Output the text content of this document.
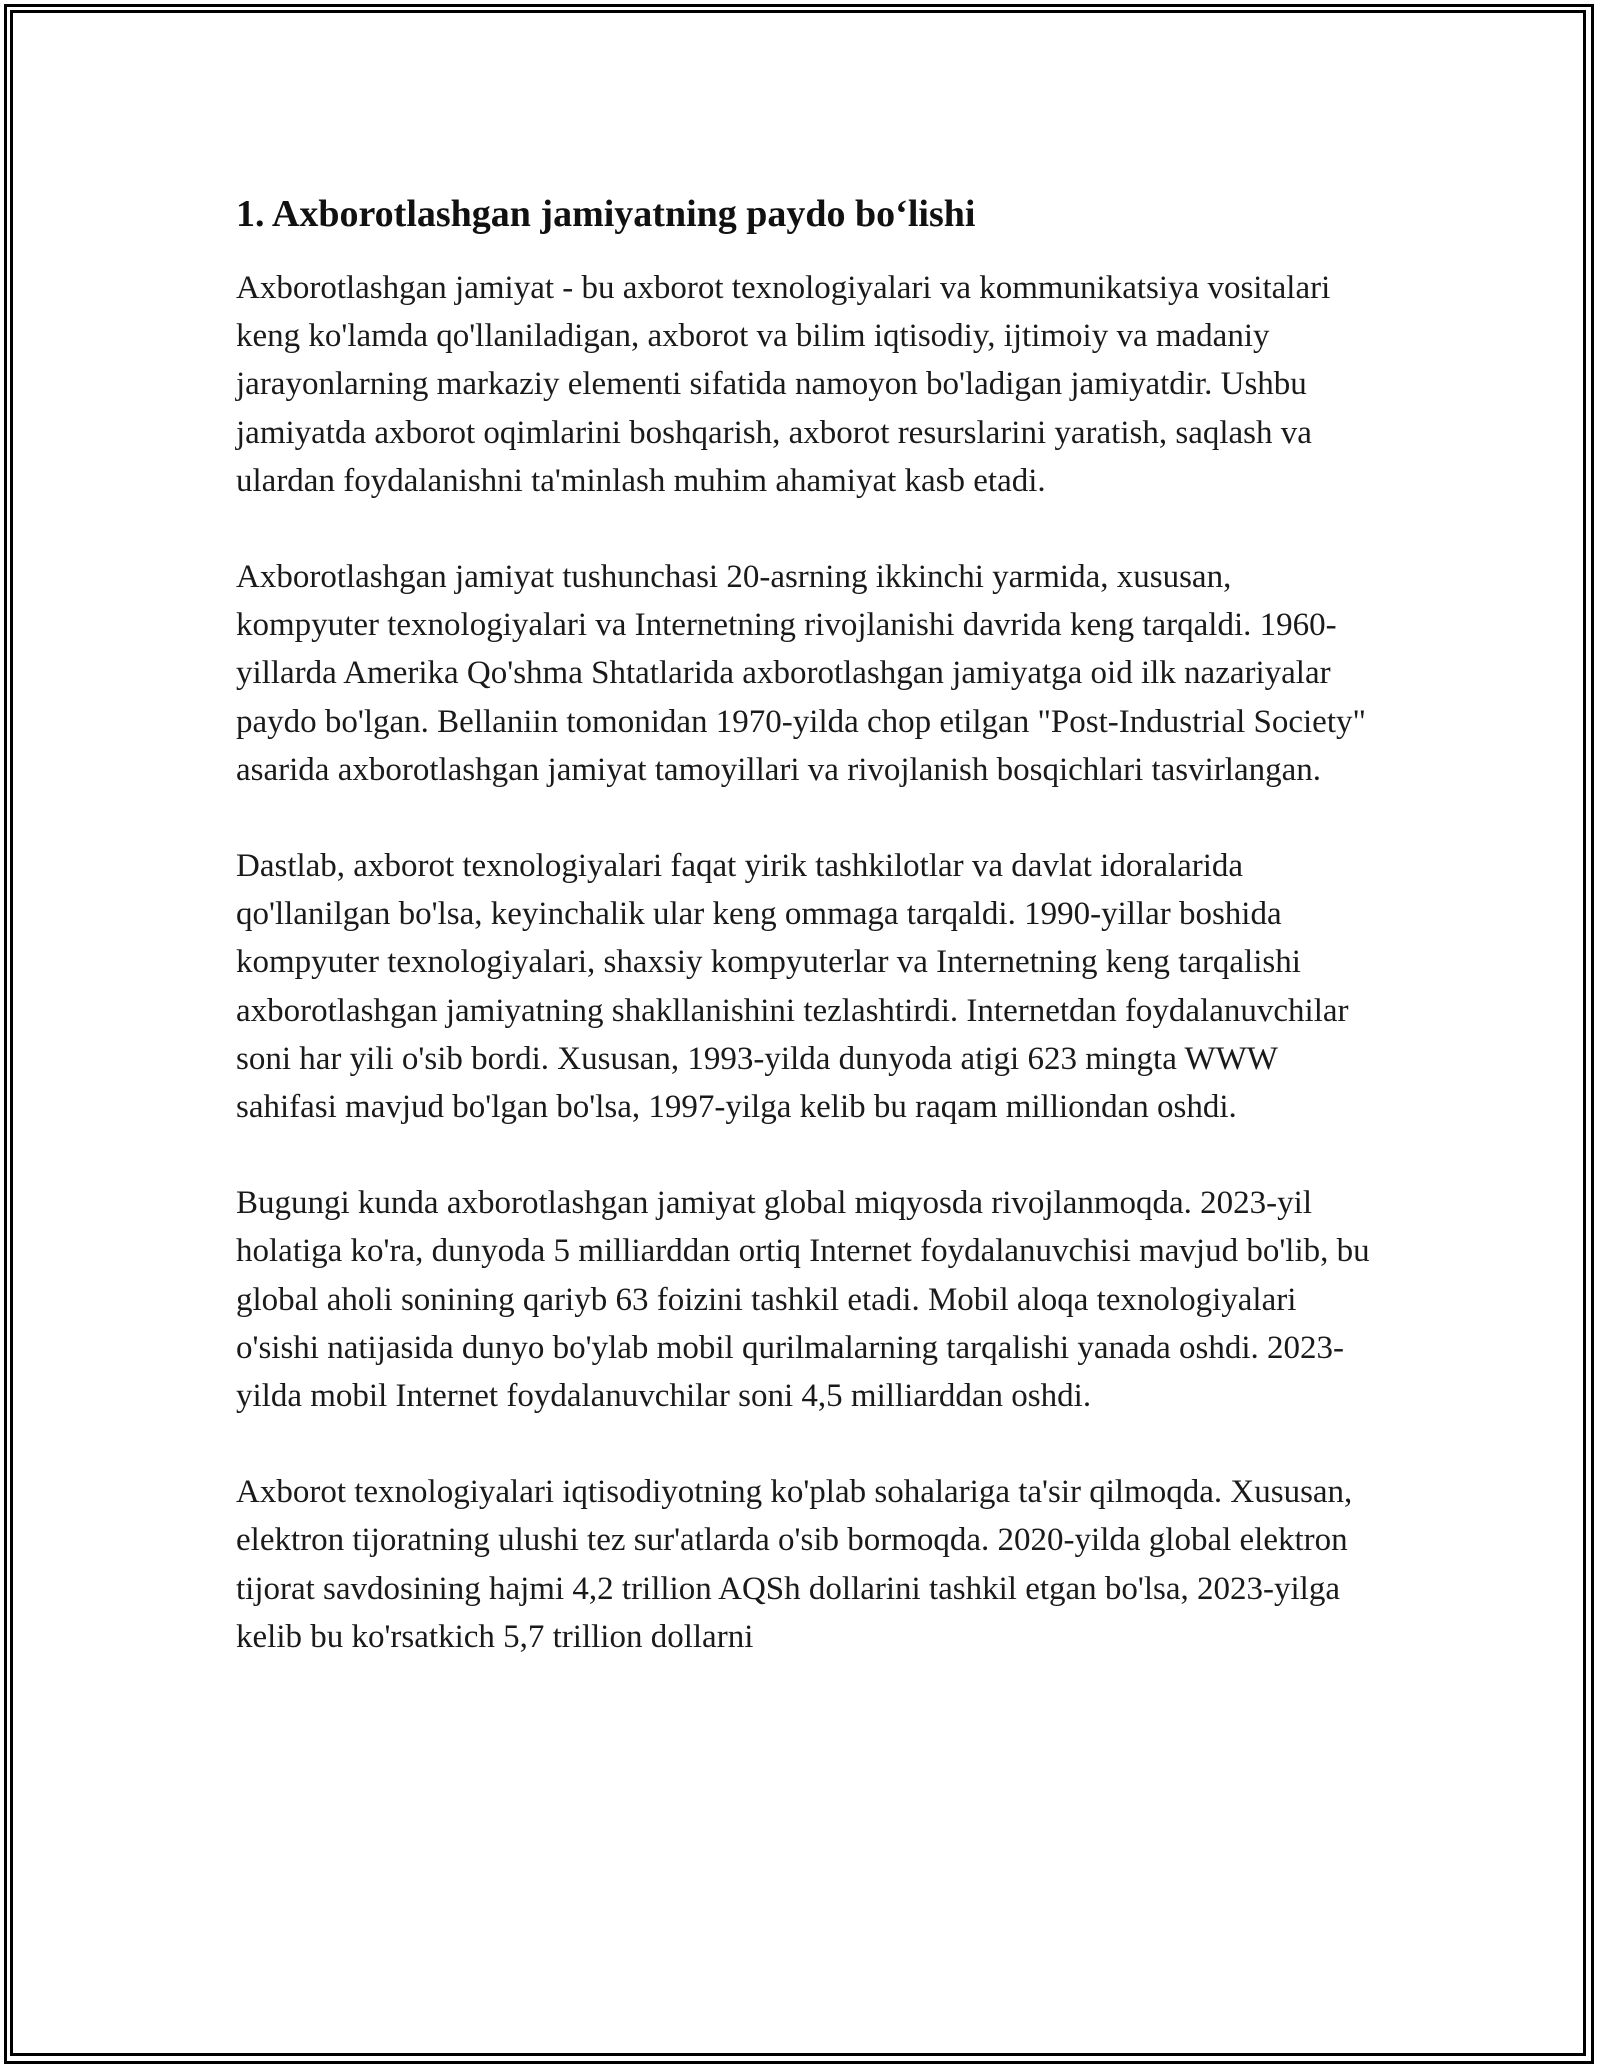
1. Axborotlashgan jamiyatning paydo bo‘lishi

Axborotlashgan jamiyat - bu axborot texnologiyalari va kommunikatsiya vositalari keng ko'lamda qo'llaniladigan, axborot va bilim iqtisodiy, ijtimoiy va madaniy jarayonlarning markaziy elementi sifatida namoyon bo'ladigan jamiyatdir. Ushbu jamiyatda axborot oqimlarini boshqarish, axborot resurslarini yaratish, saqlash va ulardan foydalanishni ta'minlash muhim ahamiyat kasb etadi.

Axborotlashgan jamiyat tushunchasi 20-asrning ikkinchi yarmida, xususan, kompyuter texnologiyalari va Internetning rivojlanishi davrida keng tarqaldi. 1960-yillarda Amerika Qo'shma Shtatlarida axborotlashgan jamiyatga oid ilk nazariyalar paydo bo'lgan. Bellaniin tomonidan 1970-yilda chop etilgan "Post-Industrial Society" asarida axborotlashgan jamiyat tamoyillari va rivojlanish bosqichlari tasvirlangan.

Dastlab, axborot texnologiyalari faqat yirik tashkilotlar va davlat idoralarida qo'llanilgan bo'lsa, keyinchalik ular keng ommaga tarqaldi. 1990-yillar boshida kompyuter texnologiyalari, shaxsiy kompyuterlar va Internetning keng tarqalishi axborotlashgan jamiyatning shakllanishini tezlashtirdi. Internetdan foydalanuvchilar soni har yili o'sib bordi. Xususan, 1993-yilda dunyoda atigi 623 mingta WWW sahifasi mavjud bo'lgan bo'lsa, 1997-yilga kelib bu raqam milliondan oshdi.

Bugungi kunda axborotlashgan jamiyat global miqyosda rivojlanmoqda. 2023-yil holatiga ko'ra, dunyoda 5 milliarddan ortiq Internet foydalanuvchisi mavjud bo'lib, bu global aholi sonining qariyb 63 foizini tashkil etadi. Mobil aloqa texnologiyalari o'sishi natijasida dunyo bo'ylab mobil qurilmalarning tarqalishi yanada oshdi. 2023-yilda mobil Internet foydalanuvchilar soni 4,5 milliarddan oshdi.

Axborot texnologiyalari iqtisodiyotning ko'plab sohalariga ta'sir qilmoqda. Xususan, elektron tijoratning ulushi tez sur'atlarda o'sib bormoqda. 2020-yilda global elektron tijorat savdosining hajmi 4,2 trillion AQSh dollarini tashkil etgan bo'lsa, 2023-yilga kelib bu ko'rsatkich 5,7 trillion dollarni
